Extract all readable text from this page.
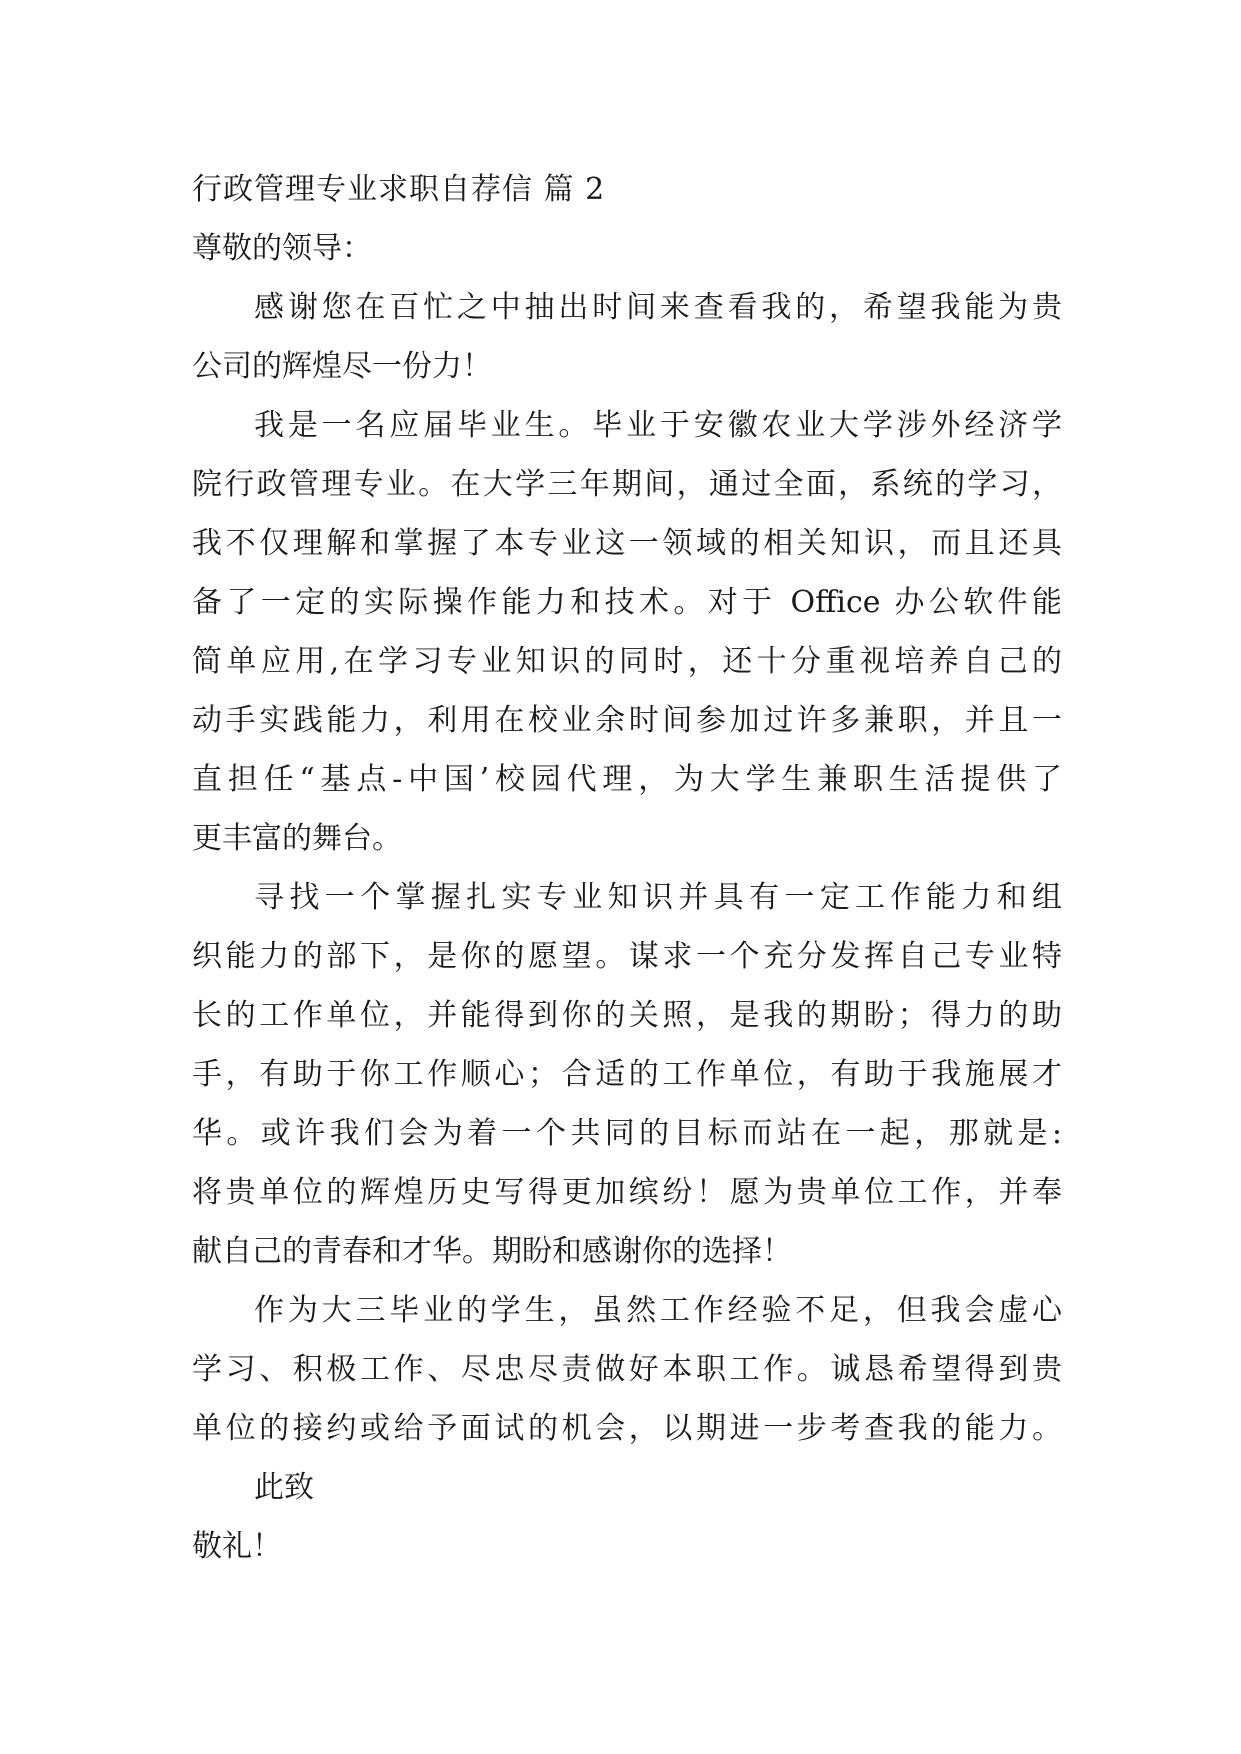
行政管理专业求职自荐信 篇 2
尊敬的领导：
感谢您在百忙之中抽出时间来查看我的，希望我能为贵
公司的辉煌尽一份力！
我是一名应届毕业生。毕业于安徽农业大学涉外经济学
院行政管理专业。在大学三年期间，通过全面，系统的学习，
我不仅理解和掌握了本专业这一领域的相关知识，而且还具
备了一定的实际操作能力和技术。对于 Office 办公软件能
简单应用,在学习专业知识的同时，还十分重视培养自己的
动手实践能力，利用在校业余时间参加过许多兼职，并且一
直担任“基点-中国’校园代理，为大学生兼职生活提供了
更丰富的舞台。
寻找一个掌握扎实专业知识并具有一定工作能力和组
织能力的部下，是你的愿望。谋求一个充分发挥自己专业特
长的工作单位，并能得到你的关照，是我的期盼；得力的助
手，有助于你工作顺心；合适的工作单位，有助于我施展才
华。或许我们会为着一个共同的目标而站在一起，那就是:
将贵单位的辉煌历史写得更加缤纷！愿为贵单位工作，并奉
献自己的青春和才华。期盼和感谢你的选择！
作为大三毕业的学生，虽然工作经验不足，但我会虚心
学习、积极工作、尽忠尽责做好本职工作。诚恳希望得到贵
单位的接约或给予面试的机会，以期进一步考查我的能力。
此致
敬礼！
